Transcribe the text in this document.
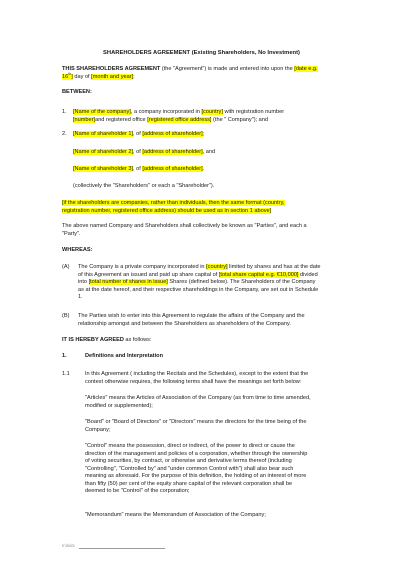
SHAREHOLDERS AGREEMENT (Existing Shareholders, No Investment)
THIS SHAREHOLDERS AGREEMENT (the "Agreement") is made and entered into upon the [date e.g.
16th] day of [month and year];
BETWEEN:
1. [Name of the company], a company incorporated in [country] with registration number
[number]and registered office [registered office address] (the " Company"); and
2. [Name of shareholder 1], of [address of shareholder];
[Name of shareholder 2], of [address of shareholder], and
[Name of shareholder 3], of [address of shareholder].
(collectively the "Shareholders" or each a "Shareholder").
[if the shareholders are companies, rather than individuals, then the same format (country,
registration number, registered office address) should be used as in section 1 above]
The above named Company and Shareholders shall collectively be known as "Parties", and each a
"Party".
WHEREAS:
(A) The Company is a private company incorporated in [country] limited by shares and has at the date
of this Agreement an issued and paid up share capital of [total share capital e.g. €10,000] divided
into [total number of shares in issue] Shares (defined below). The Shareholders of the Company
as at the date hereof, and their respective shareholdings in the Company, are set out in Schedule
1.
(B) The Parties wish to enter into this Agreement to regulate the affairs of the Company and the
relationship amongst and between the Shareholders as shareholders of the Company.
IT IS HEREBY AGREED as follows:
1.	Definitions and Interpretation
1.1	In this Agreement ( including the Recitals and the Schedules), except to the extent that the
context otherwise requires, the following terms shall have the meanings set forth below:
"Articles" means the Articles of Association of the Company (as from time to time amended,
modified or supplemented);
"Board" or "Board of Directors" or "Directors" means the directors for the time being of the
Company;
"Control" means the possession, direct or indirect, of the power to direct or cause the
direction of the management and policies of a corporation, whether through the ownership
of voting securities, by contract, or otherwise and derivative terms thereof (including
"Controlling", "Controlled by" and "under common Control with") shall also bear such
meaning as aforesaid. For the purpose of this definition, the holding of an interest of more
than fifty (50) per cent of the equity share capital of the relevant corporation shall be
deemed to be "Control" of the corporation;
"Memorandum" means the Memorandum of Association of the Company;
Initials
